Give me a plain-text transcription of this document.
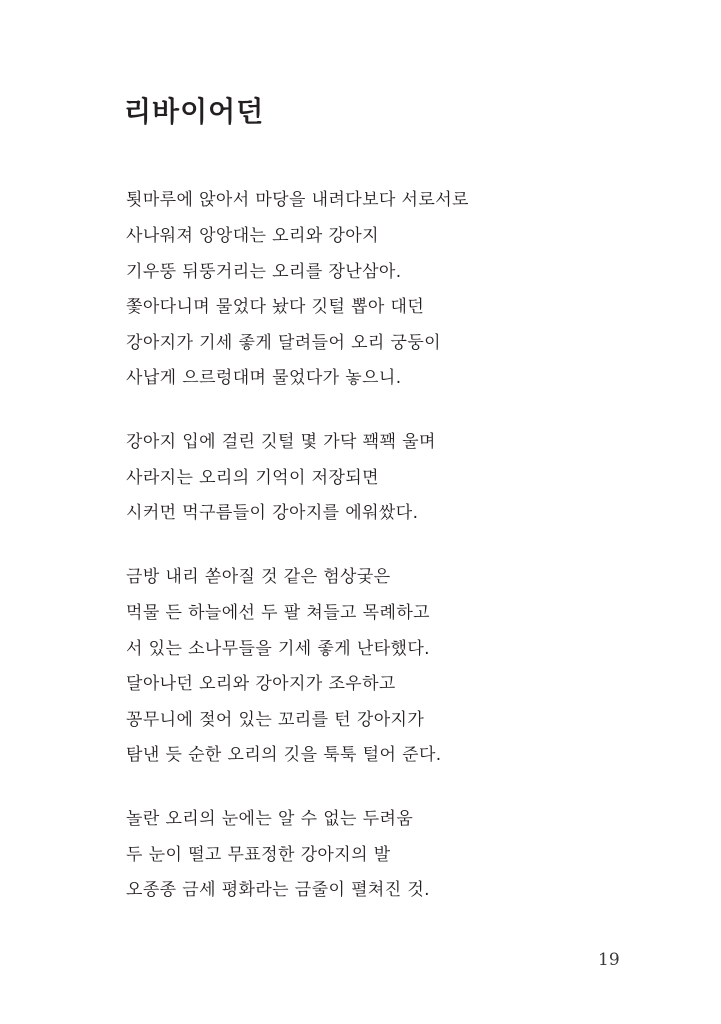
리바이어던
툇마루에 앉아서 마당을 내려다보다 서로서로
사나워져 앙앙대는 오리와 강아지
기우뚱 뒤뚱거리는 오리를 장난삼아.
쫓아다니며 물었다 놨다 깃털 뽑아 대던
강아지가 기세 좋게 달려들어 오리 궁둥이
사납게 으르렁대며 물었다가 놓으니.
강아지 입에 걸린 깃털 몇 가닥 꽥꽥 울며
사라지는 오리의 기억이 저장되면
시커먼 먹구름들이 강아지를 에워쌌다.
금방 내리 쏟아질 것 같은 험상궂은
먹물 든 하늘에선 두 팔 쳐들고 목례하고
서 있는 소나무들을 기세 좋게 난타했다.
달아나던 오리와 강아지가 조우하고
꽁무니에 젖어 있는 꼬리를 턴 강아지가
탐낸 듯 순한 오리의 깃을 툭툭 털어 준다.
놀란 오리의 눈에는 알 수 없는 두려움
두 눈이 떨고 무표정한 강아지의 발
오종종 금세 평화라는 금줄이 펼쳐진 것.
19
